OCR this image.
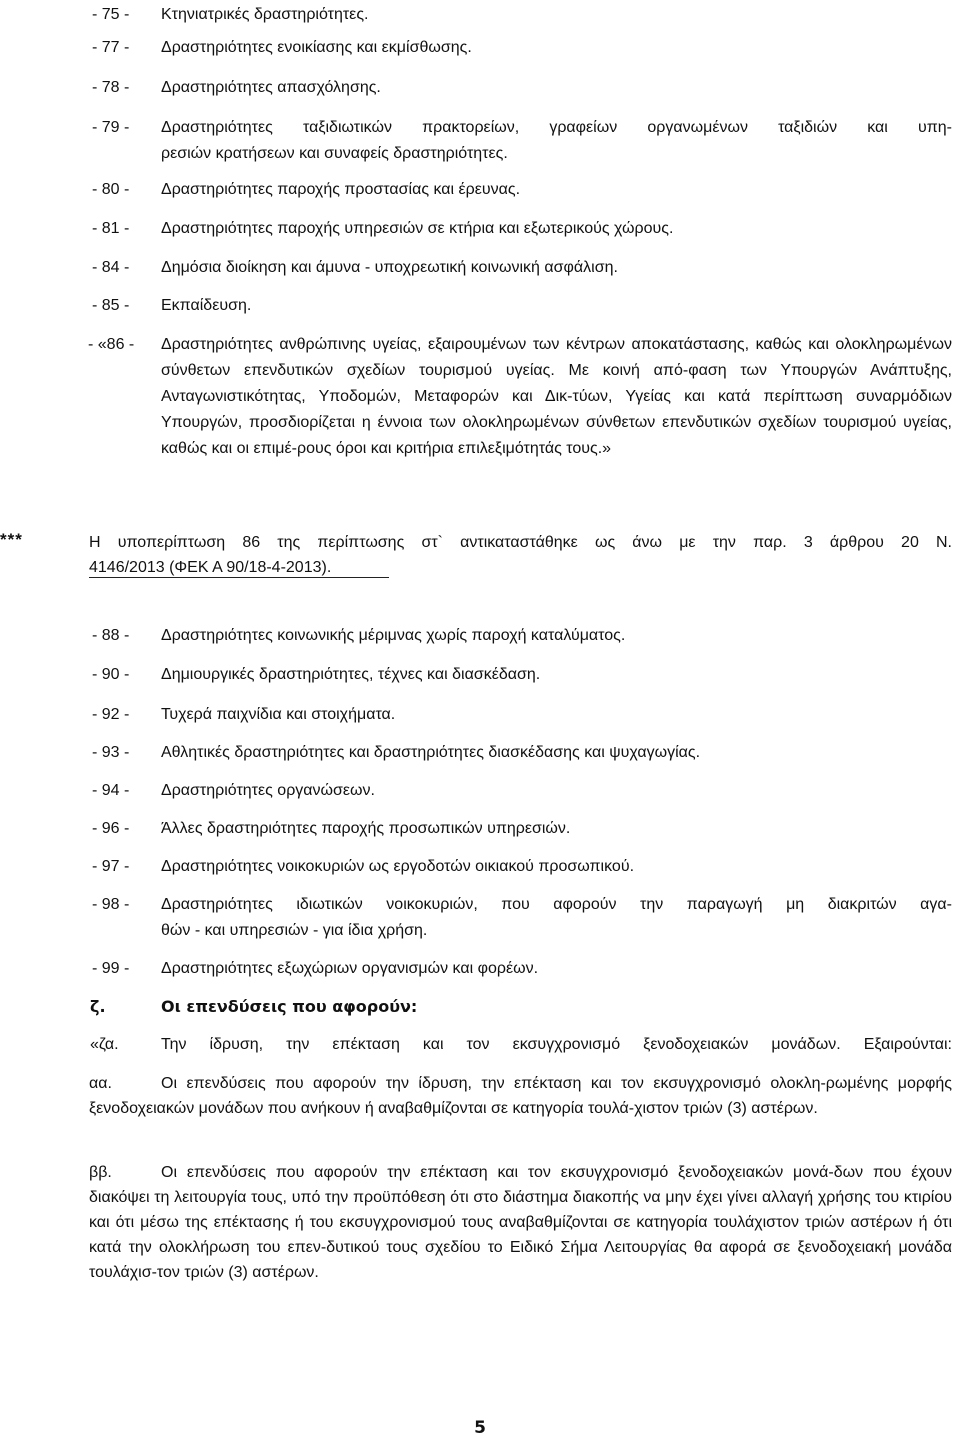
- 75 - Κτηνιατρικές δραστηριότητες.
- 77 - Δραστηριότητες ενοικίασης και εκμίσθωσης.
- 78 - Δραστηριότητες απασχόλησης.
- 79 - Δραστηριότητες ταξιδιωτικών πρακτορείων, γραφείων οργανωμένων ταξιδιών και υπη-
ρεσιών κρατήσεων και συναφείς δραστηριότητες.
- 80 - Δραστηριότητες παροχής προστασίας και έρευνας.
- 81 - Δραστηριότητες παροχής υπηρεσιών σε κτήρια και εξωτερικούς χώρους.
- 84 - Δημόσια διοίκηση και άμυνα - υποχρεωτική κοινωνική ασφάλιση.
- 85 - Εκπαίδευση.
- «86 - Δραστηριότητες ανθρώπινης υγείας, εξαιρουμένων των κέντρων αποκατάστασης, καθώς και ολοκληρωμένων σύνθετων επενδυτικών σχεδίων τουρισμού υγείας. Με κοινή από-φαση των Υπουργών Ανάπτυξης, Ανταγωνιστικότητας, Υποδομών, Μεταφορών και Δικ-τύων, Υγείας και κατά περίπτωση συναρμόδιων Υπουργών, προσδιορίζεται η έννοια των ολοκληρωμένων σύνθετων επενδυτικών σχεδίων τουρισμού υγείας, καθώς και οι επιμέ-ρους όροι και κριτήρια επιλεξιμότητάς τους.»
***	Η υποπερίπτωση 86 της περίπτωσης στ` αντικαταστάθηκε ως άνω με την παρ. 3 άρθρου 20 Ν.
4146/2013 (ΦΕΚ Α 90/18-4-2013).
- 88 - Δραστηριότητες κοινωνικής μέριμνας χωρίς παροχή καταλύματος.
- 90 - Δημιουργικές δραστηριότητες, τέχνες και διασκέδαση.
- 92 - Τυχερά παιχνίδια και στοιχήματα.
- 93 - Αθλητικές δραστηριότητες και δραστηριότητες διασκέδασης και ψυχαγωγίας.
- 94 - Δραστηριότητες οργανώσεων.
- 96 - Άλλες δραστηριότητες παροχής προσωπικών υπηρεσιών.
- 97 - Δραστηριότητες νοικοκυριών ως εργοδοτών οικιακού προσωπικού.
- 98 - Δραστηριότητες ιδιωτικών νοικοκυριών, που αφορούν την παραγωγή μη διακριτών αγα-
θών - και υπηρεσιών - για ίδια χρήση.
- 99 - Δραστηριότητες εξωχώριων οργανισμών και φορέων.
ζ.	Οι επενδύσεις που αφορούν:
«ζα.	Την ίδρυση, την επέκταση και τον εκσυγχρονισμό ξενοδοχειακών μονάδων. Εξαιρούνται:
αα.	Οι επενδύσεις που αφορούν την ίδρυση, την επέκταση και τον εκσυγχρονισμό ολοκλη-ρωμένης μορφής ξενοδοχειακών μονάδων που ανήκουν ή αναβαθμίζονται σε κατηγορία τουλά-χιστον τριών (3) αστέρων.
ββ.	Οι επενδύσεις που αφορούν την επέκταση και τον εκσυγχρονισμό ξενοδοχειακών μονά-δων που έχουν διακόψει τη λειτουργία τους, υπό την προϋπόθεση ότι στο διάστημα διακοπής να μην έχει γίνει αλλαγή χρήσης του κτιρίου και ότι μέσω της επέκτασης ή του εκσυγχρονισμού τους αναβαθμίζονται σε κατηγορία τουλάχιστον τριών αστέρων ή ότι κατά την ολοκλήρωση του επεν-δυτικού τους σχεδίου το Ειδικό Σήμα Λειτουργίας θα αφορά σε ξενοδοχειακή μονάδα τουλάχισ-τον τριών (3) αστέρων.
5
